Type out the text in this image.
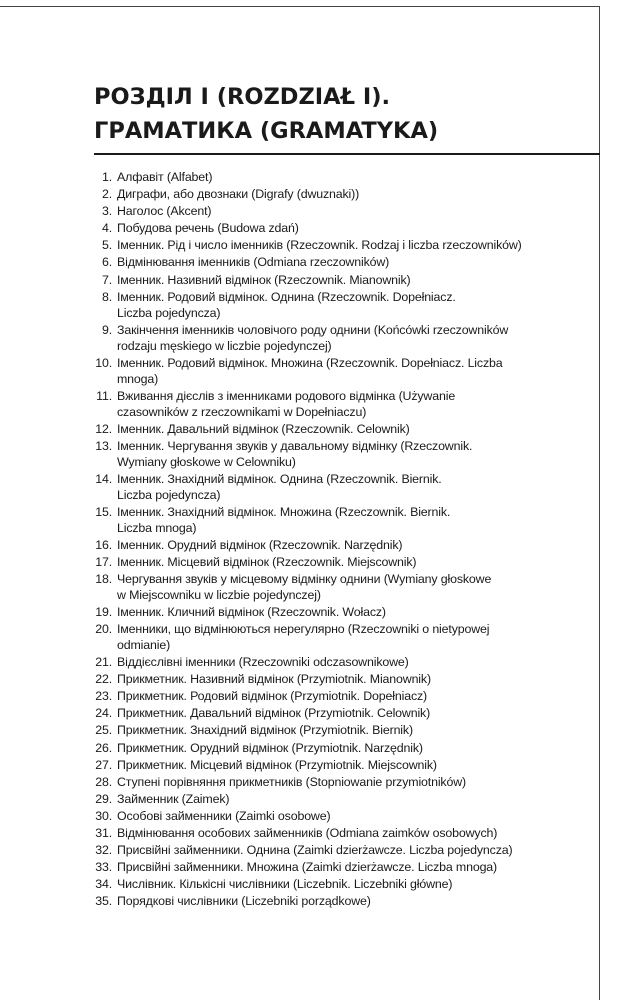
РОЗДІЛ І (ROZDZIAŁ I).
ГРАМАТИКА (GRAMATYKA)
1. Алфавіт (Alfabet)
2. Диграфи, або двознаки (Digrafy (dwuznaki))
3. Наголос (Akcent)
4. Побудова речень (Budowa zdań)
5. Іменник. Рід і число іменників (Rzeczownik. Rodzaj i liczba rzeczowników)
6. Відмінювання іменників (Odmiana rzeczowników)
7. Іменник. Називний відмінок (Rzeczownik. Mianownik)
8. Іменник. Родовий відмінок. Однина (Rzeczownik. Dopełniacz.
Liczba pojedyncza)
9. Закінчення іменників чоловічого роду однини (Końcówki rzeczowników
rodzaju męskiego w liczbie pojedynczej)
10. Іменник. Родовий відмінок. Множина (Rzeczownik. Dopełniacz. Liczba
mnoga)
11. Вживання дієслів з іменниками родового відмінка (Używanie
czasowników z rzeczownikami w Dopełniaczu)
12. Іменник. Давальний відмінок (Rzeczownik. Celownik)
13. Іменник. Чергування звуків у давальному відмінку (Rzeczownik.
Wymiany głoskowe w Celowniku)
14. Іменник. Знахідний відмінок. Однина (Rzeczownik. Biernik.
Liczba pojedyncza)
15. Іменник. Знахідний відмінок. Множина (Rzeczownik. Biernik.
Liczba mnoga)
16. Іменник. Орудний відмінок (Rzeczownik. Narzędnik)
17. Іменник. Місцевий відмінок (Rzeczownik. Miejscownik)
18. Чергування звуків у місцевому відмінку однини (Wymiany głoskowe
w Miejscowniku w liczbie pojedynczej)
19. Іменник. Кличний відмінок (Rzeczownik. Wołacz)
20. Іменники, що відмінюються нерегулярно (Rzeczowniki o nietypowej
odmianie)
21. Віддієслівні іменники (Rzeczowniki odczasownikowe)
22. Прикметник. Називний відмінок (Przymiotnik. Mianownik)
23. Прикметник. Родовий відмінок (Przymiotnik. Dopełniacz)
24. Прикметник. Давальний відмінок (Przymiotnik. Celownik)
25. Прикметник. Знахідний відмінок (Przymiotnik. Biernik)
26. Прикметник. Орудний відмінок (Przymiotnik. Narzędnik)
27. Прикметник. Місцевий відмінок (Przymiotnik. Miejscownik)
28. Ступені порівняння прикметників (Stopniowanie przymiotników)
29. Займенник (Zaimek)
30. Особові займенники (Zaimki osobowe)
31. Відмінювання особових займенників (Odmiana zaimków osobowych)
32. Присвійні займенники. Однина (Zaimki dzierżawcze. Liczba pojedyncza)
33. Присвійні займенники. Множина (Zaimki dzierżawcze. Liczba mnoga)
34. Числівник. Кількісні числівники (Liczebnik. Liczebniki główne)
35. Порядкові числівники (Liczebniki porządkowe)
